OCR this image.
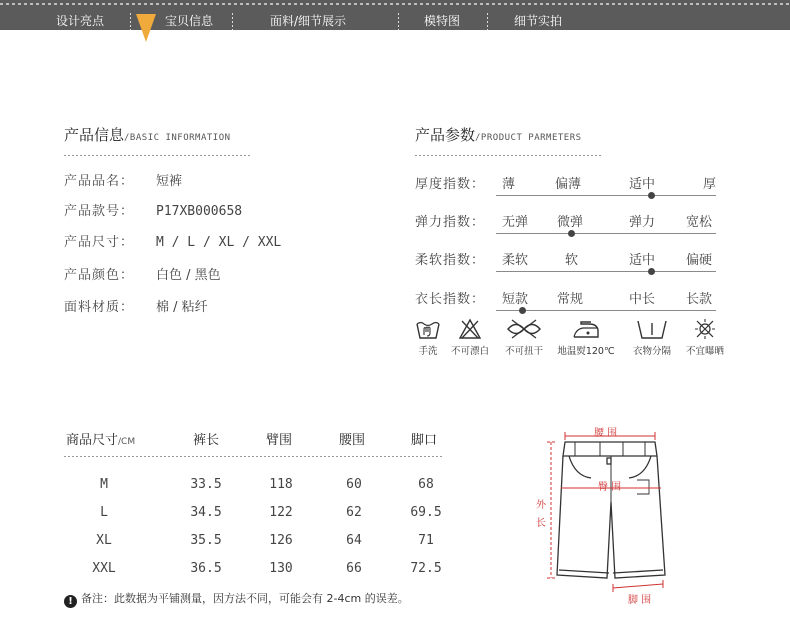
设计亮点	宝贝信息	面料/细节展示	模特图	细节实拍
产品信息/BASIC INFORMATION
产品品名： 短裤
产品款号： P17XB000658
产品尺寸： M / L / XL / XXL
产品颜色： 白色 / 黑色
面料材质： 棉 / 粘纤
产品参数/PRODUCT PARMETERS
厚度指数： 薄	偏薄	适中	厚
弹力指数： 无弹 微弹	弹力 宽松
柔软指数： 柔软	软	适中 偏硬
衣长指数： 短款 常规	中长 长款
手洗	不可漂白	不可扭干	地温熨120℃	衣物分隔	不宜曝晒
商品尺寸/CM	裤长	臂围	腰围	脚口
M	33.5	118	60	68
L	34.5	122	62	69.5
XL	35.5	126	64	71
XXL	36.5	130	66	72.5
! 备注：此数据为平铺测量，因方法不同，可能会有 2-4cm 的误差。
腰 围
臀 围
外
长
脚 围
